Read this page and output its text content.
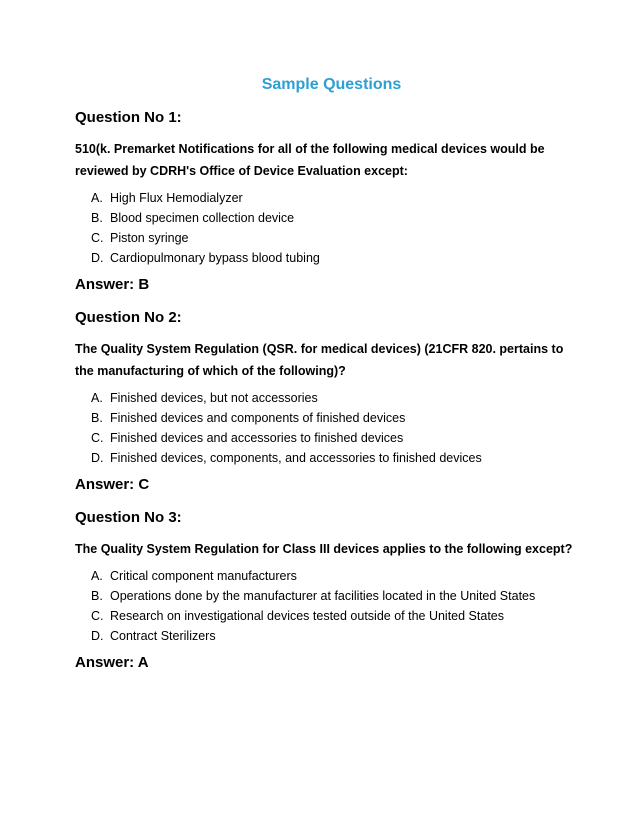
Sample Questions
Question No 1:
510(k. Premarket Notifications for all of the following medical devices would be reviewed by CDRH's Office of Device Evaluation except:
A. High Flux Hemodialyzer
B. Blood specimen collection device
C. Piston syringe
D. Cardiopulmonary bypass blood tubing
Answer: B
Question No 2:
The Quality System Regulation (QSR. for medical devices) (21CFR 820. pertains to the manufacturing of which of the following)?
A. Finished devices, but not accessories
B. Finished devices and components of finished devices
C. Finished devices and accessories to finished devices
D. Finished devices, components, and accessories to finished devices
Answer: C
Question No 3:
The Quality System Regulation for Class III devices applies to the following except?
A. Critical component manufacturers
B. Operations done by the manufacturer at facilities located in the United States
C. Research on investigational devices tested outside of the United States
D. Contract Sterilizers
Answer: A
